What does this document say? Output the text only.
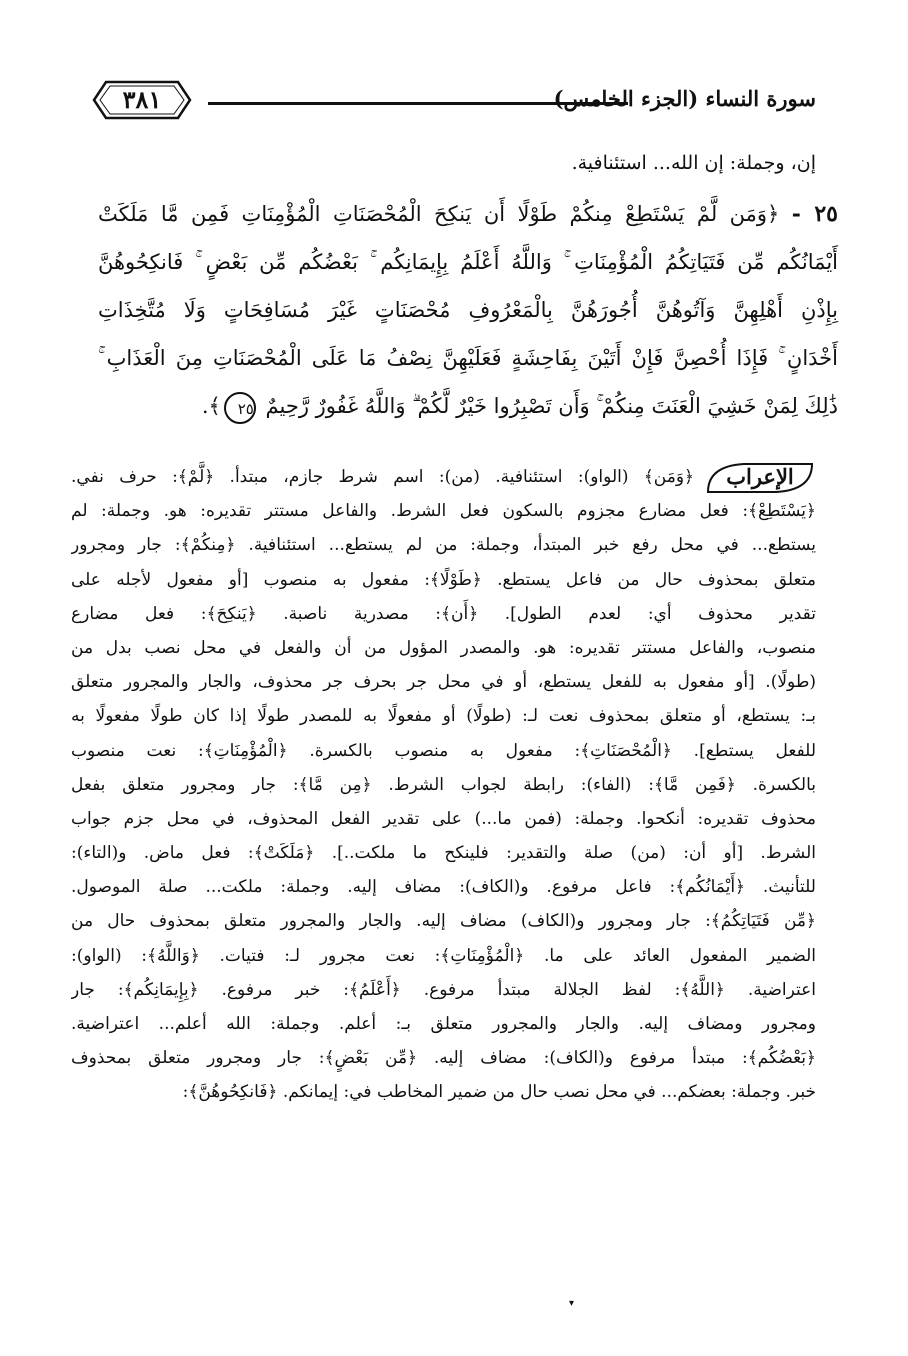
٣٨١	سورة النساء (الجزء الخامس)
إن، وجملة: إن الله... استئنافية.
٢٥ - ﴿وَمَن لَّمْ يَسْتَطِعْ مِنكُمْ طَوْلًا أَن يَنكِحَ الْمُحْصَنَاتِ الْمُؤْمِنَاتِ فَمِن مَّا مَلَكَتْ
أَيْمَانُكُم مِّن فَتَيَاتِكُمُ الْمُؤْمِنَاتِ ۚ وَاللَّهُ أَعْلَمُ بِإِيمَانِكُم ۚ بَعْضُكُم مِّن بَعْضٍ ۚ فَانكِحُوهُنَّ
بِإِذْنِ أَهْلِهِنَّ وَآتُوهُنَّ أُجُورَهُنَّ بِالْمَعْرُوفِ مُحْصَنَاتٍ غَيْرَ مُسَافِحَاتٍ وَلَا مُتَّخِذَاتِ
أَخْدَانٍ ۚ فَإِذَا أُحْصِنَّ فَإِنْ أَتَيْنَ بِفَاحِشَةٍ فَعَلَيْهِنَّ نِصْفُ مَا عَلَى الْمُحْصَنَاتِ مِنَ الْعَذَابِ ۚ
ذَٰلِكَ لِمَنْ خَشِيَ الْعَنَتَ مِنكُمْ ۚ وَأَن تَصْبِرُوا خَيْرٌ لَّكُمْ ۗ وَاللَّهُ غَفُورٌ رَّحِيمٌ ٢٥﴾.
الإعراب
﴿وَمَن﴾ (الواو): استئنافية. (من): اسم شرط جازم، مبتدأ. ﴿لَّمْ﴾: حرف نفي.
﴿يَسْتَطِعْ﴾: فعل مضارع مجزوم بالسكون فعل الشرط. والفاعل مستتر تقديره: هو. وجملة: لم
يستطع... في محل رفع خبر المبتدأ، وجملة: من لم يستطع... استئنافية. ﴿مِنكُمْ﴾: جار ومجرور
متعلق بمحذوف حال من فاعل يستطع. ﴿طَوْلًا﴾: مفعول به منصوب [أو مفعول لأجله على
تقدير محذوف أي: لعدم الطول]. ﴿أَن﴾: مصدرية ناصبة. ﴿يَنكِحَ﴾: فعل مضارع
منصوب، والفاعل مستتر تقديره: هو. والمصدر المؤول من أن والفعل في محل نصب بدل من
(طولًا). [أو مفعول به للفعل يستطع، أو في محل جر بحرف جر محذوف، والجار والمجرور متعلق
بـ: يستطع، أو متعلق بمحذوف نعت لـ: (طولًا) أو مفعولًا به للمصدر طولًا إذا كان طولًا مفعولًا به
للفعل يستطع]. ﴿الْمُحْصَنَاتِ﴾: مفعول به منصوب بالكسرة. ﴿الْمُؤْمِنَاتِ﴾: نعت منصوب
بالكسرة. ﴿فَمِن مَّا﴾: (الفاء): رابطة لجواب الشرط. ﴿مِن مَّا﴾: جار ومجرور متعلق بفعل
محذوف تقديره: أنكحوا. وجملة: (فمن ما...) على تقدير الفعل المحذوف، في محل جزم جواب
الشرط. [أو أن: (من) صلة والتقدير: فلينكح ما ملكت..]. ﴿مَلَكَتْ﴾: فعل ماض. و(التاء):
للتأنيث. ﴿أَيْمَانُكُم﴾: فاعل مرفوع. و(الكاف): مضاف إليه. وجملة: ملكت... صلة الموصول.
﴿مِّن فَتَيَاتِكُمُ﴾: جار ومجرور و(الكاف) مضاف إليه. والجار والمجرور متعلق بمحذوف حال من
الضمير المفعول العائد على ما. ﴿الْمُؤْمِنَاتِ﴾: نعت مجرور لـ: فتيات. ﴿وَاللَّهُ﴾: (الواو):
اعتراضية. ﴿اللَّهُ﴾: لفظ الجلالة مبتدأ مرفوع. ﴿أَعْلَمُ﴾: خبر مرفوع. ﴿بِإِيمَانِكُم﴾: جار
ومجرور ومضاف إليه. والجار والمجرور متعلق بـ: أعلم. وجملة: الله أعلم... اعتراضية.
﴿بَعْضُكُم﴾: مبتدأ مرفوع و(الكاف): مضاف إليه. ﴿مِّن بَعْضٍ﴾: جار ومجرور متعلق بمحذوف
خبر. وجملة: بعضكم... في محل نصب حال من ضمير المخاطب في: إيمانكم. ﴿فَانكِحُوهُنَّ﴾:
▾
